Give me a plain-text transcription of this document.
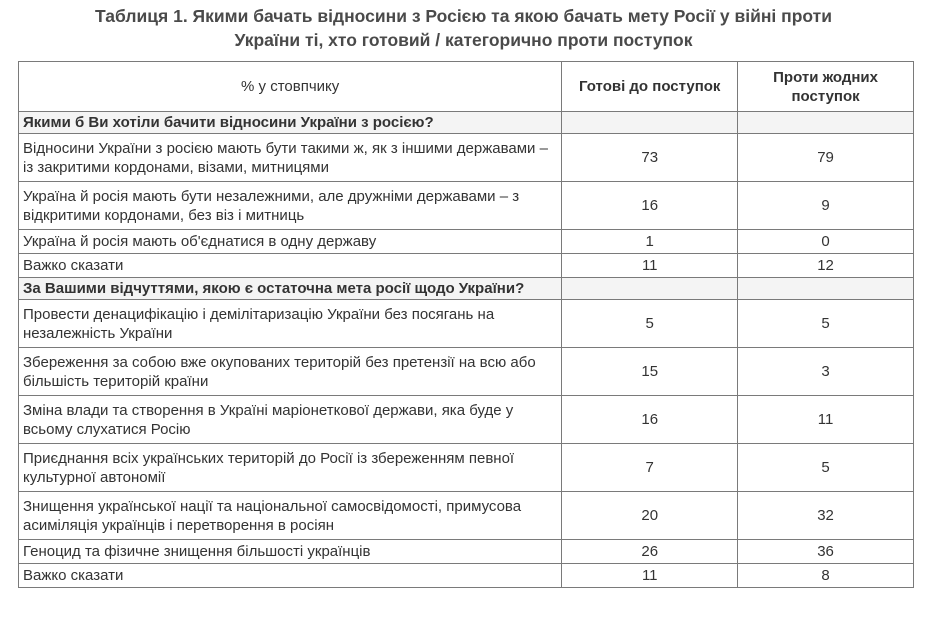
Таблиця 1. Якими бачать відносини з Росією та якою бачать мету Росії у війні проти
України ті, хто готовий / категорично проти поступок
% у стовпчику	Готові до поступок	Проти жодних поступок
Якими б Ви хотіли бачити відносини України з росією?		
Відносини України з росією мають бути такими ж, як з іншими державами – із закритими кордонами, візами, митницями	73	79
Україна й росія мають бути незалежними, але дружніми державами – з відкритими кордонами, без віз і митниць	16	9
Україна й росія мають об'єднатися в одну державу	1	0
Важко сказати	11	12
За Вашими відчуттями, якою є остаточна мета росії щодо України?		
Провести денацифікацію і демілітаризацію України без посягань на незалежність України	5	5
Збереження за собою вже окупованих територій без претензії на всю або більшість територій країни	15	3
Зміна влади та створення в Україні маріонеткової держави, яка буде у всьому слухатися Росію	16	11
Приєднання всіх українських територій до Росії із збереженням певної культурної автономії	7	5
Знищення української нації та національної самосвідомості, примусова асиміляція українців і перетворення в росіян	20	32
Геноцид та фізичне знищення більшості українців	26	36
Важко сказати	11	8
